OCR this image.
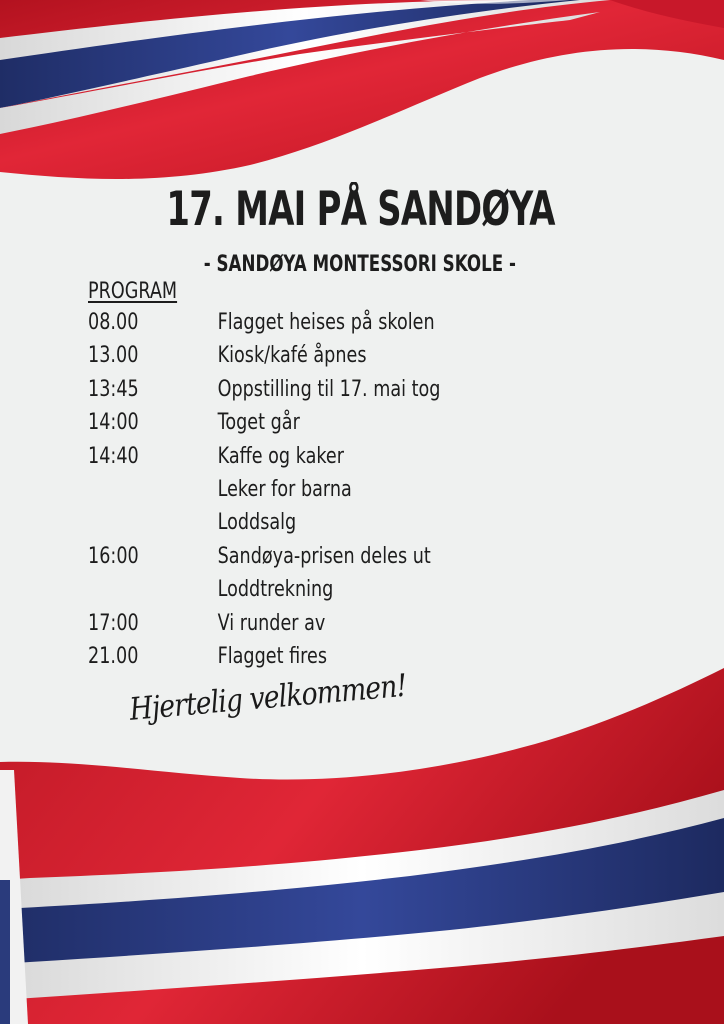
17. MAI PÅ SANDØYA
- SANDØYA MONTESSORI SKOLE -
PROGRAM
08.00	Flagget heises på skolen
13.00	Kiosk/kafé åpnes
13:45	Oppstilling til 17. mai tog
14:00	Toget går
14:40	Kaffe og kaker
Leker for barna
Loddsalg
16:00	Sandøya-prisen deles ut
Loddtrekning
17:00	Vi runder av
21.00	Flagget fires
Hjertelig velkommen!
